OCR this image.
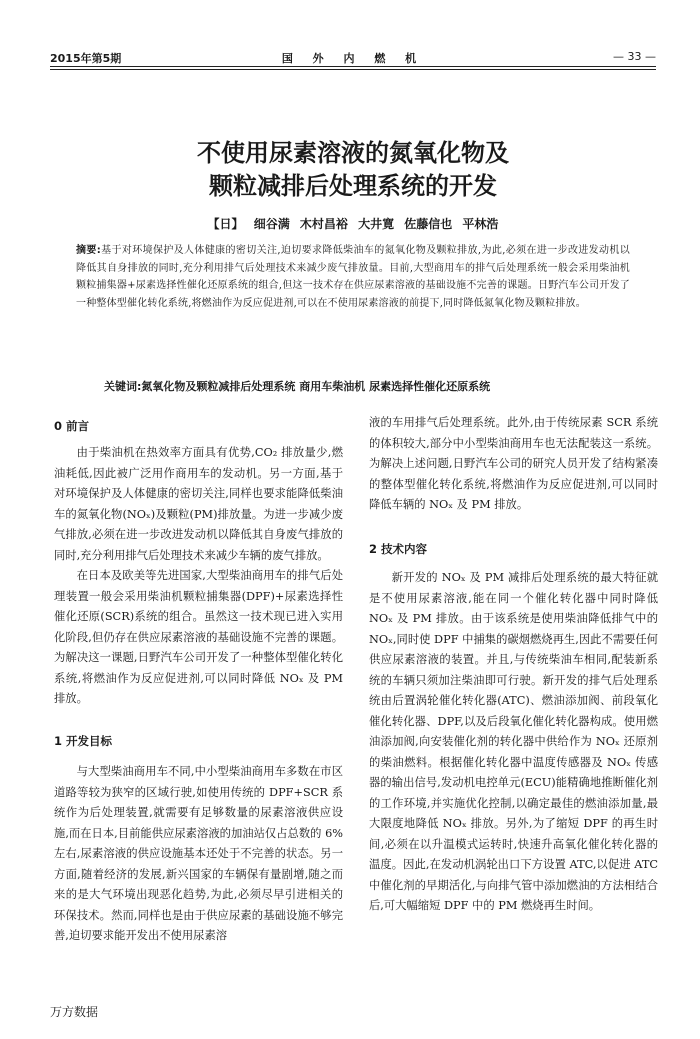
2015年第5期	国 外 内 燃 机	— 33 —
不使用尿素溶液的氮氧化物及
颗粒减排后处理系统的开发
【日】 细谷满 木村昌裕 大井寛 佐藤信也 平林浩
摘要:基于对环境保护及人体健康的密切关注,迫切要求降低柴油车的氮氧化物及颗粒排放,为此,必须在进一步改进发动机以降低其自身排放的同时,充分利用排气后处理技术来减少废气排放量。目前,大型商用车的排气后处理系统一般会采用柴油机颗粒捕集器+尿素选择性催化还原系统的组合,但这一技术存在供应尿素溶液的基础设施不完善的课题。日野汽车公司开发了一种整体型催化转化系统,将燃油作为反应促进剂,可以在不使用尿素溶液的前提下,同时降低氮氧化物及颗粒排放。
关键词:氮氧化物及颗粒减排后处理系统 商用车柴油机 尿素选择性催化还原系统
0 前言

由于柴油机在热效率方面具有优势,CO₂ 排放量少,燃油耗低,因此被广泛用作商用车的发动机。另一方面,基于对环境保护及人体健康的密切关注,同样也要求能降低柴油车的氮氧化物(NOₓ)及颗粒(PM)排放量。为进一步减少废气排放,必须在进一步改进发动机以降低其自身废气排放的同时,充分利用排气后处理技术来减少车辆的废气排放。

在日本及欧美等先进国家,大型柴油商用车的排气后处理装置一般会采用柴油机颗粒捕集器(DPF)+尿素选择性催化还原(SCR)系统的组合。虽然这一技术现已进入实用化阶段,但仍存在供应尿素溶液的基础设施不完善的课题。为解决这一课题,日野汽车公司开发了一种整体型催化转化系统,将燃油作为反应促进剂,可以同时降低 NOₓ 及 PM 排放。

1 开发目标

与大型柴油商用车不同,中小型柴油商用车多数在市区道路等较为狭窄的区域行驶,如使用传统的 DPF+SCR 系统作为后处理装置,就需要有足够数量的尿素溶液供应设施,而在日本,目前能供应尿素溶液的加油站仅占总数的 6%左右,尿素溶液的供应设施基本还处于不完善的状态。另一方面,随着经济的发展,新兴国家的车辆保有量剧增,随之而来的是大气环境出现恶化趋势,为此,必须尽早引进相关的环保技术。然而,同样也是由于供应尿素的基础设施不够完善,迫切要求能开发出不使用尿素溶

液的车用排气后处理系统。此外,由于传统尿素 SCR 系统的体积较大,部分中小型柴油商用车也无法配装这一系统。为解决上述问题,日野汽车公司的研究人员开发了结构紧凑的整体型催化转化系统,将燃油作为反应促进剂,可以同时降低车辆的 NOₓ 及 PM 排放。

2 技术内容

新开发的 NOₓ 及 PM 减排后处理系统的最大特征就是不使用尿素溶液,能在同一个催化转化器中同时降低 NOₓ 及 PM 排放。由于该系统是使用柴油降低排气中的 NOₓ,同时使 DPF 中捕集的碳烟燃烧再生,因此不需要任何供应尿素溶液的装置。并且,与传统柴油车相同,配装新系统的车辆只须加注柴油即可行驶。新开发的排气后处理系统由后置涡轮催化转化器(ATC)、燃油添加阀、前段氧化催化转化器、DPF,以及后段氧化催化转化器构成。使用燃油添加阀,向安装催化剂的转化器中供给作为 NOₓ 还原剂的柴油燃料。根据催化转化器中温度传感器及 NOₓ 传感器的输出信号,发动机电控单元(ECU)能精确地推断催化剂的工作环境,并实施优化控制,以确定最佳的燃油添加量,最大限度地降低 NOₓ 排放。另外,为了缩短 DPF 的再生时间,必须在以升温模式运转时,快速升高氧化催化转化器的温度。因此,在发动机涡轮出口下方设置 ATC,以促进 ATC 中催化剂的早期活化,与向排气管中添加燃油的方法相结合后,可大幅缩短 DPF 中的 PM 燃烧再生时间。

万方数据
